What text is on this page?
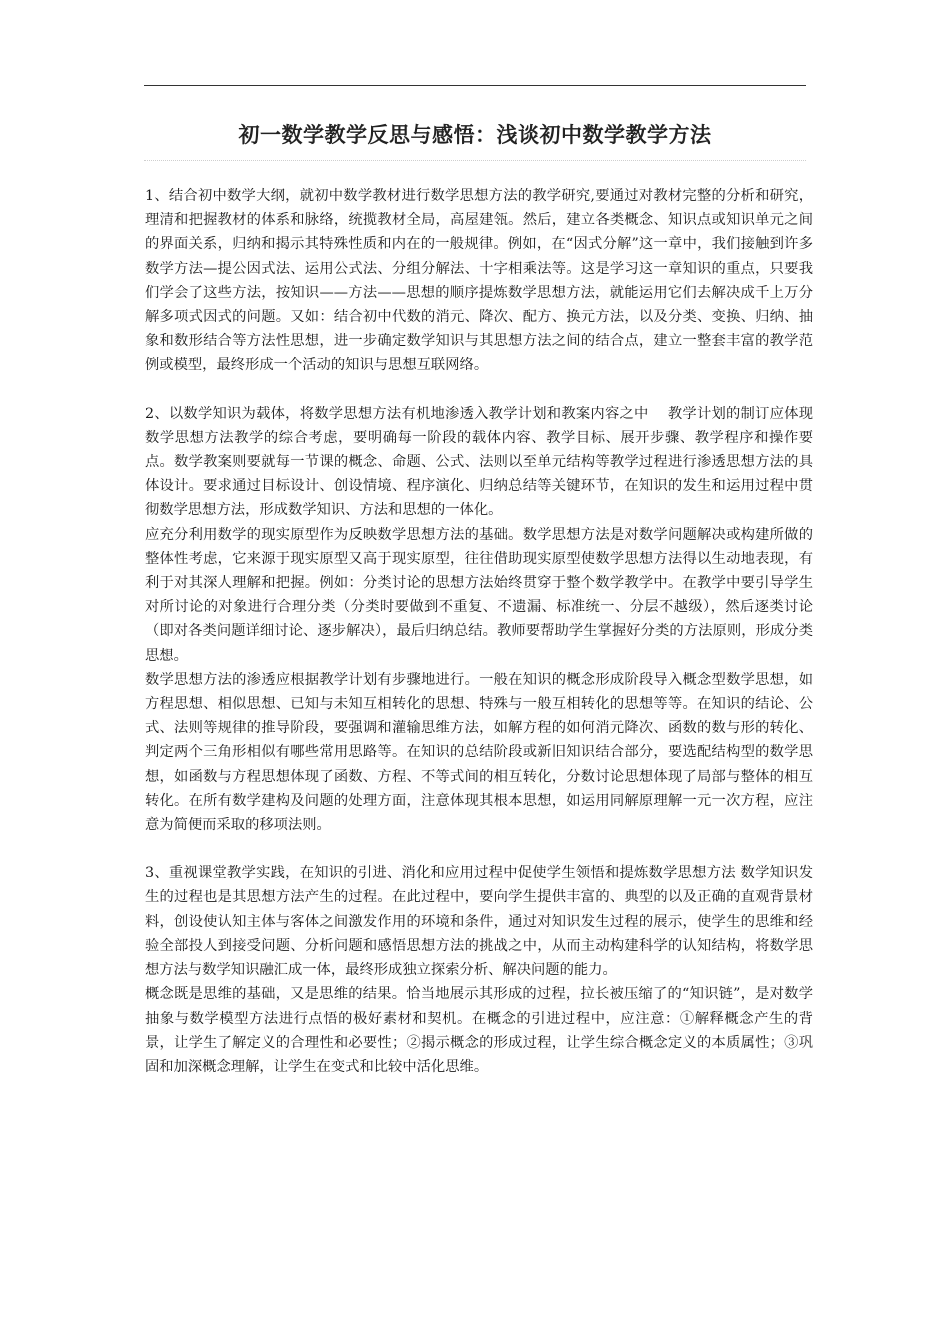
初一数学教学反思与感悟：浅谈初中数学教学方法

1、结合初中数学大纲，就初中数学教材进行数学思想方法的教学研究,要通过对教材完整的分析和研究，理清和把握教材的体系和脉络，统揽教材全局，高屋建瓴。然后，建立各类概念、知识点或知识单元之间的界面关系，归纳和揭示其特殊性质和内在的一般规律。例如，在“因式分解”这一章中，我们接触到许多数学方法—提公因式法、运用公式法、分组分解法、十字相乘法等。这是学习这一章知识的重点，只要我们学会了这些方法，按知识——方法——思想的顺序提炼数学思想方法，就能运用它们去解决成千上万分解多项式因式的问题。又如：结合初中代数的消元、降次、配方、换元方法，以及分类、变换、归纳、抽象和数形结合等方法性思想，进一步确定数学知识与其思想方法之间的结合点，建立一整套丰富的教学范例或模型，最终形成一个活动的知识与思想互联网络。

2、以数学知识为载体，将数学思想方法有机地渗透入教学计划和教案内容之中　 教学计划的制订应体现数学思想方法教学的综合考虑，要明确每一阶段的载体内容、教学目标、展开步骤、教学程序和操作要点。数学教案则要就每一节课的概念、命题、公式、法则以至单元结构等教学过程进行渗透思想方法的具体设计。要求通过目标设计、创设情境、程序演化、归纳总结等关键环节，在知识的发生和运用过程中贯彻数学思想方法，形成数学知识、方法和思想的一体化。

应充分利用数学的现实原型作为反映数学思想方法的基础。数学思想方法是对数学问题解决或构建所做的整体性考虑，它来源于现实原型又高于现实原型，往往借助现实原型使数学思想方法得以生动地表现，有利于对其深人理解和把握。例如：分类讨论的思想方法始终贯穿于整个数学教学中。在教学中要引导学生对所讨论的对象进行合理分类（分类时要做到不重复、不遗漏、标准统一、分层不越级），然后逐类讨论（即对各类问题详细讨论、逐步解决），最后归纳总结。教师要帮助学生掌握好分类的方法原则，形成分类思想。

数学思想方法的渗透应根据教学计划有步骤地进行。一般在知识的概念形成阶段导入概念型数学思想，如方程思想、相似思想、已知与未知互相转化的思想、特殊与一般互相转化的思想等等。在知识的结论、公式、法则等规律的推导阶段，要强调和灌输思维方法，如解方程的如何消元降次、函数的数与形的转化、判定两个三角形相似有哪些常用思路等。在知识的总结阶段或新旧知识结合部分，要选配结构型的数学思想，如函数与方程思想体现了函数、方程、不等式间的相互转化，分数讨论思想体现了局部与整体的相互转化。在所有数学建构及问题的处理方面，注意体现其根本思想，如运用同解原理解一元一次方程，应注意为简便而采取的移项法则。

3、重视课堂教学实践，在知识的引进、消化和应用过程中促使学生领悟和提炼数学思想方法 数学知识发生的过程也是其思想方法产生的过程。在此过程中，要向学生提供丰富的、典型的以及正确的直观背景材料，创设使认知主体与客体之间激发作用的环境和条件，通过对知识发生过程的展示，使学生的思维和经验全部投人到接受问题、分析问题和感悟思想方法的挑战之中，从而主动构建科学的认知结构，将数学思想方法与数学知识融汇成一体，最终形成独立探索分析、解决问题的能力。

概念既是思维的基础，又是思维的结果。恰当地展示其形成的过程，拉长被压缩了的“知识链”，是对数学抽象与数学模型方法进行点悟的极好素材和契机。在概念的引进过程中，应注意：①解释概念产生的背景，让学生了解定义的合理性和必要性；②揭示概念的形成过程，让学生综合概念定义的本质属性；③巩固和加深概念理解，让学生在变式和比较中活化思维。
